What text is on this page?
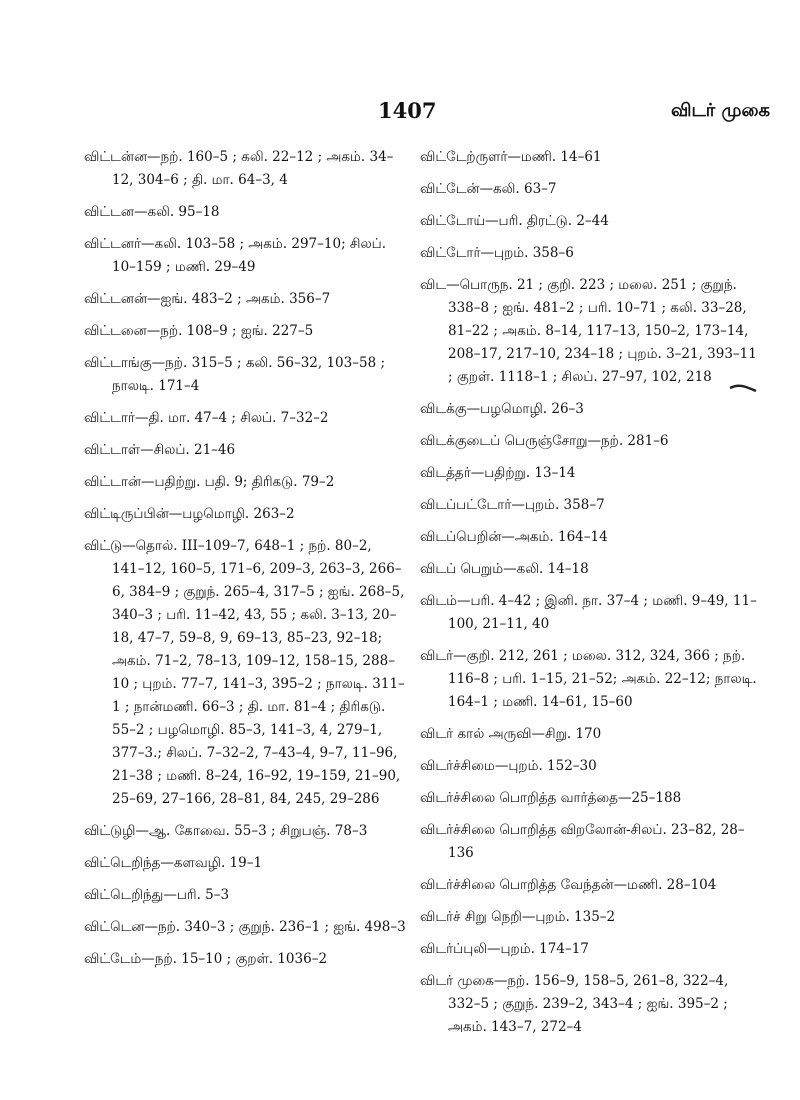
1407	விடர் முகை

விட்டன்ன—நற். 160–5 ; கலி. 22–12 ; அகம். 34–12, 304–6 ; தி. மா. 64–3, 4

விட்டன—கலி. 95–18

விட்டனர்—கலி. 103–58 ; அகம். 297–10; சிலப். 10–159 ; மணி. 29–49

விட்டனன்—ஐங். 483–2 ; அகம். 356–7

விட்டனை—நற். 108–9 ; ஐங். 227–5

விட்டாங்கு—நற். 315–5 ; கலி. 56–32, 103–58 ; நாலடி. 171–4

விட்டார்—தி. மா. 47–4 ; சிலப். 7–32–2

விட்டாள்—சிலப். 21–46

விட்டான்—பதிற்று. பதி. 9; திரிகடு. 79–2

விட்டிருப்பின்—பழமொழி. 263–2

விட்டு—தொல். III–109–7, 648–1 ; நற். 80–2, 141–12, 160–5, 171–6, 209–3, 263–3, 266–6, 384–9 ; குறுந். 265–4, 317–5 ; ஐங். 268–5, 340–3 ; பரி. 11–42, 43, 55 ; கலி. 3–13, 20–18, 47–7, 59–8, 9, 69–13, 85–23, 92–18; அகம். 71–2, 78–13, 109–12, 158–15, 288–10 ; புறம். 77–7, 141–3, 395–2 ; நாலடி. 311–1 ; நான்மணி. 66–3 ; தி. மா. 81–4 ; திரிகடு. 55–2 ; பழமொழி. 85–3, 141–3, 4, 279–1, 377–3.; சிலப். 7–32–2, 7–43–4, 9–7, 11–96, 21–38 ; மணி. 8–24, 16–92, 19–159, 21–90, 25–69, 27–166, 28–81, 84, 245, 29–286

விட்டுழி—ஆ. கோவை. 55–3 ; சிறுபஞ். 78–3

விட்டெறிந்த—களவழி. 19–1

விட்டெறிந்து—பரி. 5–3

விட்டென—நற். 340–3 ; குறுந். 236–1 ; ஐங். 498–3

விட்டேம்—நற். 15–10 ; குறள். 1036–2

விட்டேற்ருளர்—மணி. 14–61

விட்டேன்—கலி. 63–7

விட்டோய்—பரி. திரட்டு. 2–44

விட்டோர்—புறம். 358–6

விட—பொருந. 21 ; குறி. 223 ; மலை. 251 ; குறுந். 338–8 ; ஐங். 481–2 ; பரி. 10–71 ; கலி. 33–28, 81–22 ; அகம். 8–14, 117–13, 150–2, 173–14, 208–17, 217–10, 234–18 ; புறம். 3–21, 393–11 ; குறள். 1118–1 ; சிலப். 27–97, 102, 218

விடக்கு—பழமொழி. 26–3

விடக்குடைப் பெருஞ்சோறு—நற். 281–6

விடத்தர்—பதிற்று. 13–14

விடப்பட்டோர்—புறம். 358–7

விடப்பெறின்—அகம். 164–14

விடப் பெறும்—கலி. 14–18

விடம்—பரி. 4–42 ; இனி. நா. 37–4 ; மணி. 9–49, 11–100, 21–11, 40

விடர்—குறி. 212, 261 ; மலை. 312, 324, 366 ; நற். 116–8 ; பரி. 1–15, 21–52; அகம். 22–12; நாலடி. 164–1 ; மணி. 14–61, 15–60

விடர் கால் அருவி—சிறு. 170

விடர்ச்சிமை—புறம். 152–30

விடர்ச்சிலை பொறித்த வார்த்தை—25–188

விடர்ச்சிலை பொறித்த விறலோன்-சிலப். 23–82, 28–136

விடர்ச்சிலை பொறித்த வேந்தன்—மணி. 28–104

விடர்ச் சிறு நெறி—புறம். 135–2

விடர்ப்புலி—புறம். 174–17

விடர் முகை—நற். 156–9, 158–5, 261–8, 322–4, 332–5 ; குறுந். 239–2, 343–4 ; ஐங். 395–2 ; அகம். 143–7, 272–4
